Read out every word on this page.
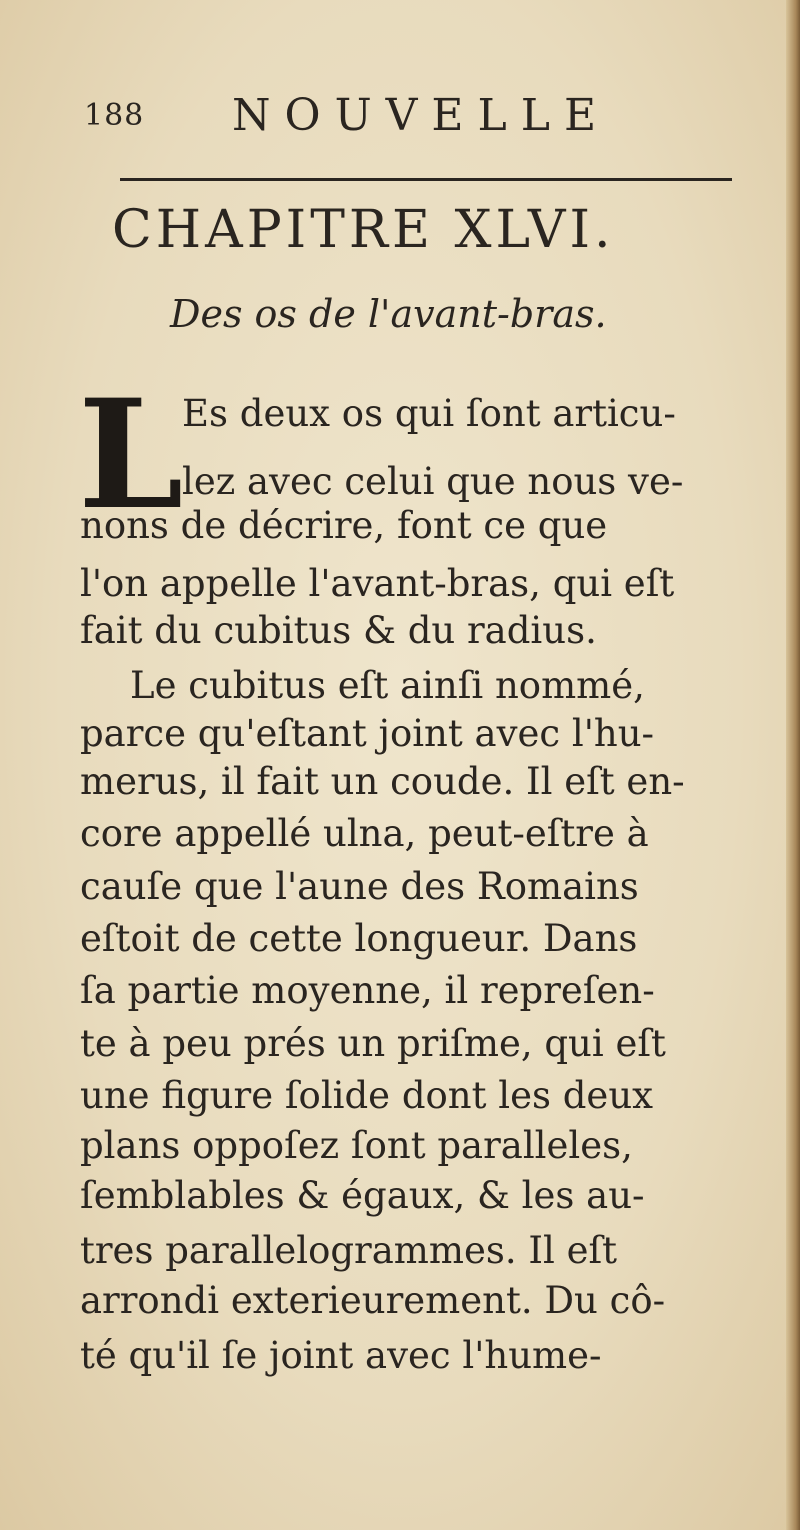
188 NOUVELLE
CHAPITRE XLVI.
Des os de l'avant-bras.
L
Es deux os qui ſont articu-
lez avec celui que nous ve-
nons de décrire, font ce que
l'on appelle l'avant-bras, qui eſt
fait du cubitus & du radius.
Le cubitus eſt ainſi nommé,
parce qu'eſtant joint avec l'hu-
merus, il fait un coude. Il eſt en-
core appellé ulna, peut-eſtre à
cauſe que l'aune des Romains
eſtoit de cette longueur. Dans
ſa partie moyenne, il repreſen-
te à peu prés un priſme, qui eſt
une figure ſolide dont les deux
plans oppoſez ſont paralleles,
ſemblables & égaux, & les au-
tres parallelogrammes. Il eſt
arrondi exterieurement. Du cô-
té qu'il ſe joint avec l'hume-
